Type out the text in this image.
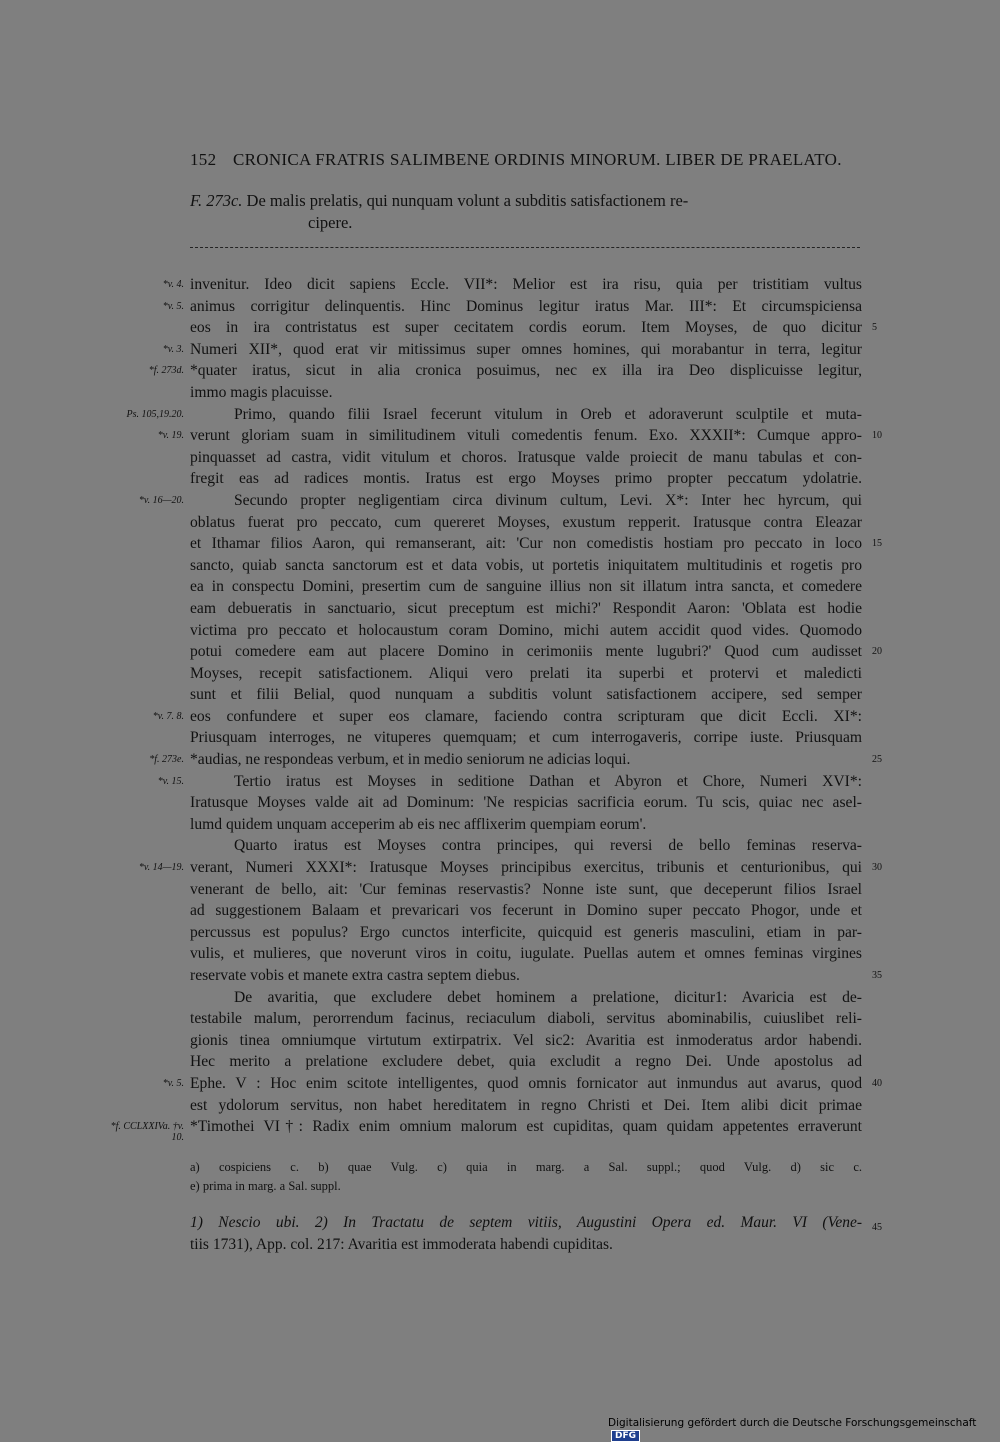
152 CRONICA FRATRIS SALIMBENE ORDINIS MINORUM. LIBER DE PRAELATO.
F. 273c. De malis prelatis, qui nunquam volunt a subditis satisfactionem re-
cipere.
invenitur. Ideo dicit sapiens Eccle. VII*: Melior est ira risu, quia per tristitiam vultus
*v. 4.
animus corrigitur delinquentis. Hinc Dominus legitur iratus Mar. III*: Et circumspiciensa
*v. 5.
eos in ira contristatus est super cecitatem cordis eorum. Item Moyses, de quo dicitur 5
Numeri XII*, quod erat vir mitissimus super omnes homines, qui morabantur in terra, legitur
*v. 3.
*quater iratus, sicut in alia cronica posuimus, nec ex illa ira Deo displicuisse legitur,
*f. 273d.
immo magis placuisse.
Primo, quando filii Israel fecerunt vitulum in Oreb et adoraverunt sculptile et muta-
Ps. 105,19.20.
verunt gloriam suam in similitudinem vituli comedentis fenum. Exo. XXXII*: Cumque appro-
*v. 19.	10
pinquasset ad castra, vidit vitulum et choros. Iratusque valde proiecit de manu tabulas et con-
fregit eas ad radices montis. Iratus est ergo Moyses primo propter peccatum ydolatrie.
Secundo propter negligentiam circa divinum cultum, Levi. X*: Inter hec hyrcum, qui
*v. 16—20.
oblatus fuerat pro peccato, cum quereret Moyses, exustum repperit. Iratusque contra Eleazar
et Ithamar filios Aaron, qui remanserant, ait: 'Cur non comedistis hostiam pro peccato in loco 15
sancto, quiab sancta sanctorum est et data vobis, ut portetis iniquitatem multitudinis et rogetis pro
ea in conspectu Domini, presertim cum de sanguine illius non sit illatum intra sancta, et comedere
eam debueratis in sanctuario, sicut preceptum est michi?' Respondit Aaron: 'Oblata est hodie
victima pro peccato et holocaustum coram Domino, michi autem accidit quod vides. Quomodo
potui comedere eam aut placere Domino in cerimoniis mente lugubri?' Quod cum audisset 20
Moyses, recepit satisfactionem. Aliqui vero prelati ita superbi et protervi et maledicti
sunt et filii Belial, quod nunquam a subditis volunt satisfactionem accipere, sed semper
eos confundere et super eos clamare, faciendo contra scripturam que dicit Eccli. XI*:
*v. 7. 8.
Priusquam interroges, ne vituperes quemquam; et cum interrogaveris, corripe iuste. Priusquam
*audias, ne respondeas verbum, et in medio seniorum ne adicias loqui.
*f. 273e.	25
Tertio iratus est Moyses in seditione Dathan et Abyron et Chore, Numeri XVI*:
*v. 15.
Iratusque Moyses valde ait ad Dominum: 'Ne respicias sacrificia eorum. Tu scis, quiac nec asel-
lumd quidem unquam acceperim ab eis nec afflixerim quempiam eorum'.
Quarto iratus est Moyses contra principes, qui reversi de bello feminas reserva-
verant, Numeri XXXI*: Iratusque Moyses principibus exercitus, tribunis et centurionibus, qui
*v. 14—19.	30
venerant de bello, ait: 'Cur feminas reservastis? Nonne iste sunt, que deceperunt filios Israel
ad suggestionem Balaam et prevaricari vos fecerunt in Domino super peccato Phogor, unde et
percussus est populus? Ergo cunctos interficite, quicquid est generis masculini, etiam in par-
vulis, et mulieres, que noverunt viros in coitu, iugulate. Puellas autem et omnes feminas virgines
reservate vobis et manete extra castra septem diebus.	35
De avaritia, que excludere debet hominem a prelatione, dicitur1: Avaricia est de-
testabile malum, perorrendum facinus, reciaculum diaboli, servitus abominabilis, cuiuslibet reli-
gionis tinea omniumque virtutum extirpatrix. Vel sic2: Avaritia est inmoderatus ardor habendi.
Hec merito a prelatione excludere debet, quia excludit a regno Dei. Unde apostolus ad
Ephe. V : Hoc enim scitote intelligentes, quod omnis fornicator aut inmundus aut avarus, quod
*v. 5.	40
est ydolorum servitus, non habet hereditatem in regno Christi et Dei. Item alibi dicit primae
*Timothei VI†: Radix enim omnium malorum est cupiditas, quam quidam appetentes erraverunt
*f. CCLXXIVa. †v. 10.
a) cospiciens c. b) quae Vulg. c) quia in marg. a Sal. suppl.; quod Vulg. d) sic c.
e) prima in marg. a Sal. suppl.
1) Nescio ubi. 2) In Tractatu de septem vitiis, Augustini Opera ed. Maur. VI (Vene- 45
tiis 1731), App. col. 217: Avaritia est immoderata habendi cupiditas.
Digitalisierung gefördert durch die Deutsche Forschungsgemeinschaft DFG
